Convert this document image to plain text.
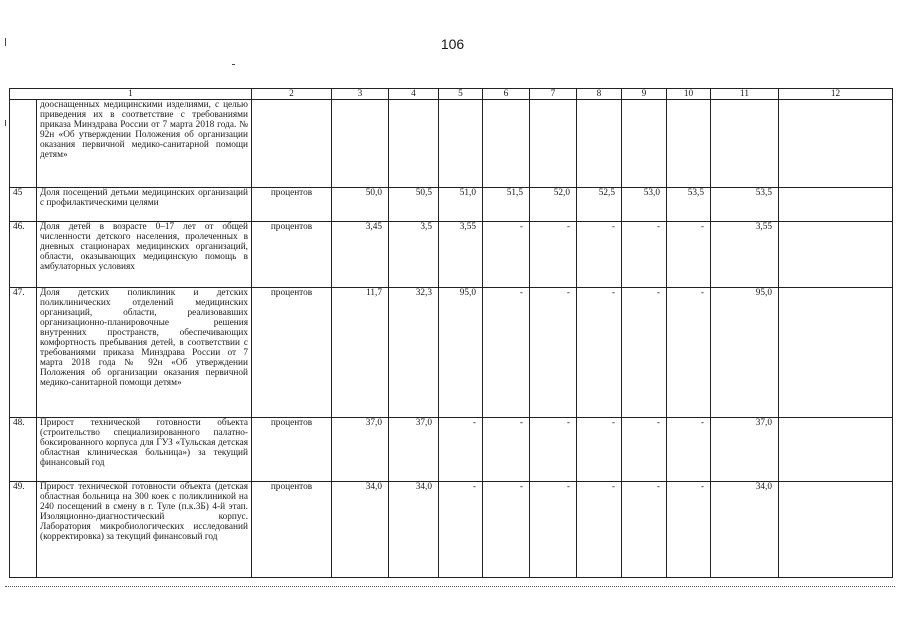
106
1		2	3	4	5	6	7	8	9	10	11	12
	дооснащенных медицинскими изделиями, с целью приведения их в соответствие с требованиями приказа Минздрава России от 7 марта 2018 года. № 92н «Об утверждении Положения об организации оказания первичной медико-санитарной помощи детям»											
45	Доля посещений детьми медицинских организаций с профилактическими целями	процентов	50,0	50,5	51,0	51,5	52,0	52,5	53,0	53,5	53,5	
46.	Доля детей в возрасте 0–17 лет от общей численности детского населения, пролеченных в дневных стационарах медицинских организаций, области, оказывающих медицинскую помощь в амбулаторных условиях	процентов	3,45	3,5	3,55	-	-	-	-	-	3,55	
47.	Доля детских поликлиник и детских поликлинических отделений медицинских организаций, области, реализовавших организационно-планировочные решения внутренних пространств, обеспечивающих комфортность пребывания детей, в соответствии с требованиями приказа Минздрава России от 7 марта 2018 года № 92н «Об утверждении Положения об организации оказания первичной медико-санитарной помощи детям»	процентов	11,7	32,3	95,0	-	-	-	-	-	95,0	
48.	Прирост технической готовности объекта (строительство специализированного палатно-боксированного корпуса для ГУЗ «Тульская детская областная клиническая больница») за текущий финансовый год	процентов	37,0	37,0	-	-	-	-	-	-	37,0	
49.	Прирост технической готовности объекта (детская областная больница на 300 коек с поликлиникой на 240 посещений в смену в г. Туле (п.к.3Б) 4-й этап. Изоляционно-диагностический корпус. Лаборатория микробиологических исследований (корректировка) за текущий финансовый год	процентов	34,0	34,0	-	-	-	-	-	-	34,0	
